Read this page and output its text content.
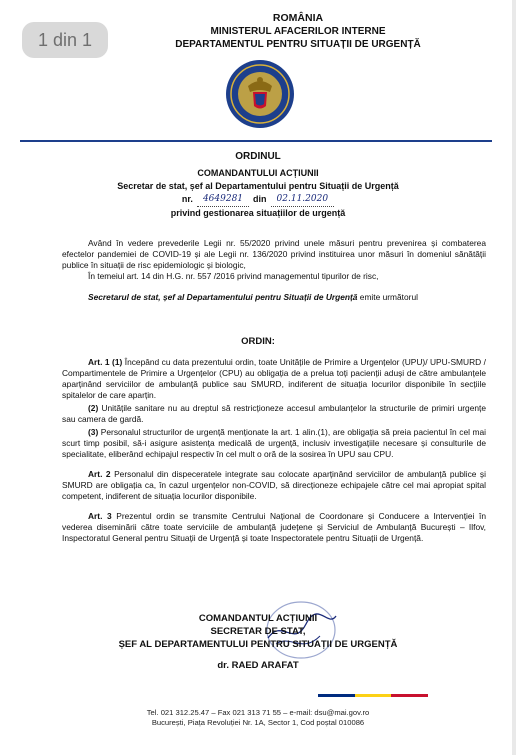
1 din 1
ROMÂNIA
MINISTERUL AFACERILOR INTERNE
DEPARTAMENTUL PENTRU SITUAȚII DE URGENȚĂ
ORDINUL
COMANDANTULUI ACȚIUNII
Secretar de stat, șef al Departamentului pentru Situații de Urgență
nr.	4649281	din	02.11.2020
privind gestionarea situațiilor de urgență

Având în vedere prevederile Legii nr. 55/2020 privind unele măsuri pentru prevenirea și combaterea efectelor pandemiei de COVID-19 și ale Legii nr. 136/2020 privind instituirea unor măsuri în domeniul sănătății publice în situații de risc epidemiologic și biologic,

În temeiul art. 14 din H.G. nr. 557 /2016 privind managementul tipurilor de risc,

Secretarul de stat, șef al Departamentului pentru Situații de Urgență emite următorul

ORDIN:

Art. 1 (1) Începând cu data prezentului ordin, toate Unitățile de Primire a Urgențelor (UPU)/ UPU-SMURD / Compartimentele de Primire a Urgențelor (CPU) au obligația de a prelua toți pacienții aduși de către ambulanțele aparținând serviciilor de ambulanță publice sau SMURD, indiferent de situația locurilor disponibile în secțiile spitalelor de care aparțin.

(2) Unitățile sanitare nu au dreptul să restricționeze accesul ambulanțelor la structurile de primiri urgențe sau camera de gardă.

(3) Personalul structurilor de urgență menționate la art. 1 alin.(1), are obligația să preia pacientul în cel mai scurt timp posibil, să-i asigure asistența medicală de urgență, inclusiv investigațiile necesare și consulturile de specialitate, eliberând echipajul respectiv în cel mult o oră de la sosirea în UPU sau CPU.

Art. 2 Personalul din dispeceratele integrate sau colocate aparținând serviciilor de ambulanță publice și SMURD are obligația ca, în cazul urgențelor non-COVID, să direcționeze echipajele către cel mai apropiat spital competent, indiferent de situația locurilor disponibile.

Art. 3 Prezentul ordin se transmite Centrului Național de Coordonare și Conducere a Intervenției în vederea diseminării către toate serviciile de ambulanță județene și Serviciul de Ambulanță București – Ilfov, Inspectoratul General pentru Situații de Urgență și toate Inspectoratele pentru Situații de Urgență.

COMANDANTUL ACȚIUNII
SECRETAR DE STAT,
ȘEF AL DEPARTAMENTULUI PENTRU SITUAȚII DE URGENȚĂ
dr. RAED ARAFAT
Tel. 021 312.25.47 – Fax 021 313 71 55 – e-mail: dsu@mai.gov.ro
București, Piața Revoluției Nr. 1A, Sector 1, Cod poștal 010086
